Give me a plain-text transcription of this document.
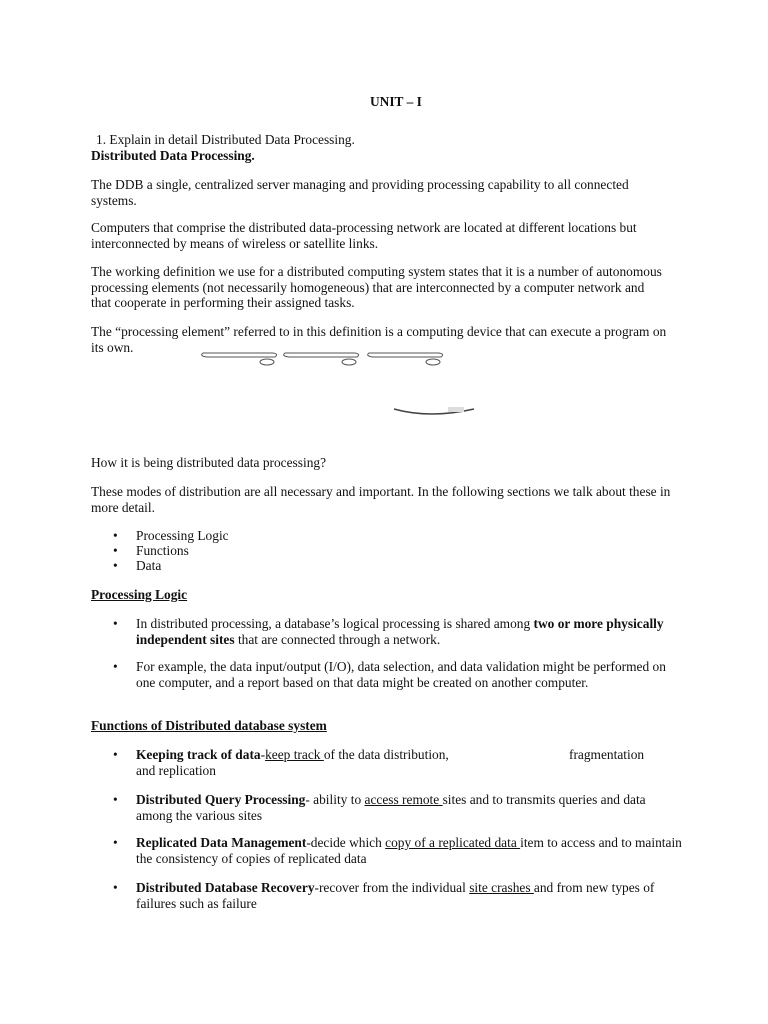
UNIT – I
1. Explain in detail Distributed Data Processing.
Distributed Data Processing.
The DDB a single, centralized server managing and providing processing capability to all connected systems.
Computers that comprise the distributed data-processing network are located at different locations but interconnected by means of wireless or satellite links.
The working definition we use for a distributed computing system states that it is a number of autonomous processing elements (not necessarily homogeneous) that are interconnected by a computer network and that cooperate in performing their assigned tasks.
The “processing element” referred to in this definition is a computing device that can execute a program on its own.
How it is being distributed data processing?
These modes of distribution are all necessary and important. In the following sections we talk about these in more detail.
• Processing Logic
• Functions
• Data
Processing Logic
• In distributed processing, a database’s logical processing is shared among two or more physically independent sites that are connected through a network.
• For example, the data input/output (I/O), data selection, and data validation might be performed on one computer, and a report based on that data might be created on another computer.
Functions of Distributed database system
• Keeping track of data-keep track of the data distribution,	fragmentation
and replication
• Distributed Query Processing- ability to access remote sites and to transmits queries and data among the various sites
• Replicated Data Management-decide which copy of a replicated data item to access and to maintain the consistency of copies of replicated data
• Distributed Database Recovery-recover from the individual site crashes and from new types of failures such as failure
